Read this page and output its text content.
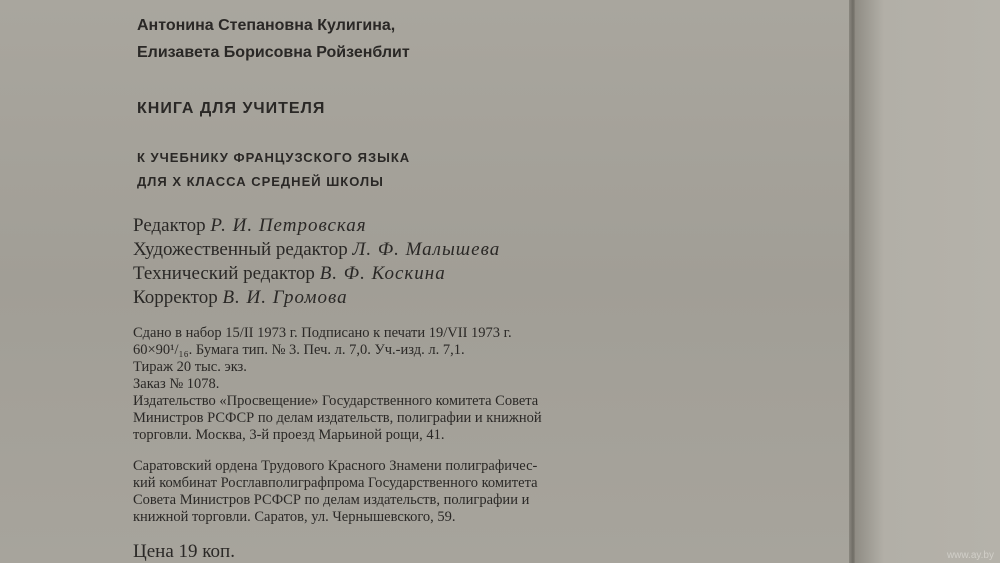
Антонина Степановна Кулигина,
Елизавета Борисовна Ройзенблит
КНИГА ДЛЯ УЧИТЕЛЯ
К УЧЕБНИКУ ФРАНЦУЗСКОГО ЯЗЫКА
ДЛЯ X КЛАССА СРЕДНЕЙ ШКОЛЫ
Редактор Р. И. Петровская
Художественный редактор Л. Ф. Малышева
Технический редактор В. Ф. Коскина
Корректор В. И. Громова
Сдано в набор 15/II 1973 г. Подписано к печати 19/VII 1973 г.
60×90¹/₁₆. Бумага тип. № 3. Печ. л. 7,0. Уч.-изд. л. 7,1.
Тираж 20 тыс. экз.
Заказ № 1078.
Издательство «Просвещение» Государственного комитета Совета
Министров РСФСР по делам издательств, полиграфии и книжной
торговли. Москва, 3-й проезд Марьиной рощи, 41.
Саратовский ордена Трудового Красного Знамени полиграфичес-
кий комбинат Росглавполиграфпрома Государственного комитета
Совета Министров РСФСР по делам издательств, полиграфии и
книжной торговли. Саратов, ул. Чернышевского, 59.
Цена 19 коп.	www.ay.by
